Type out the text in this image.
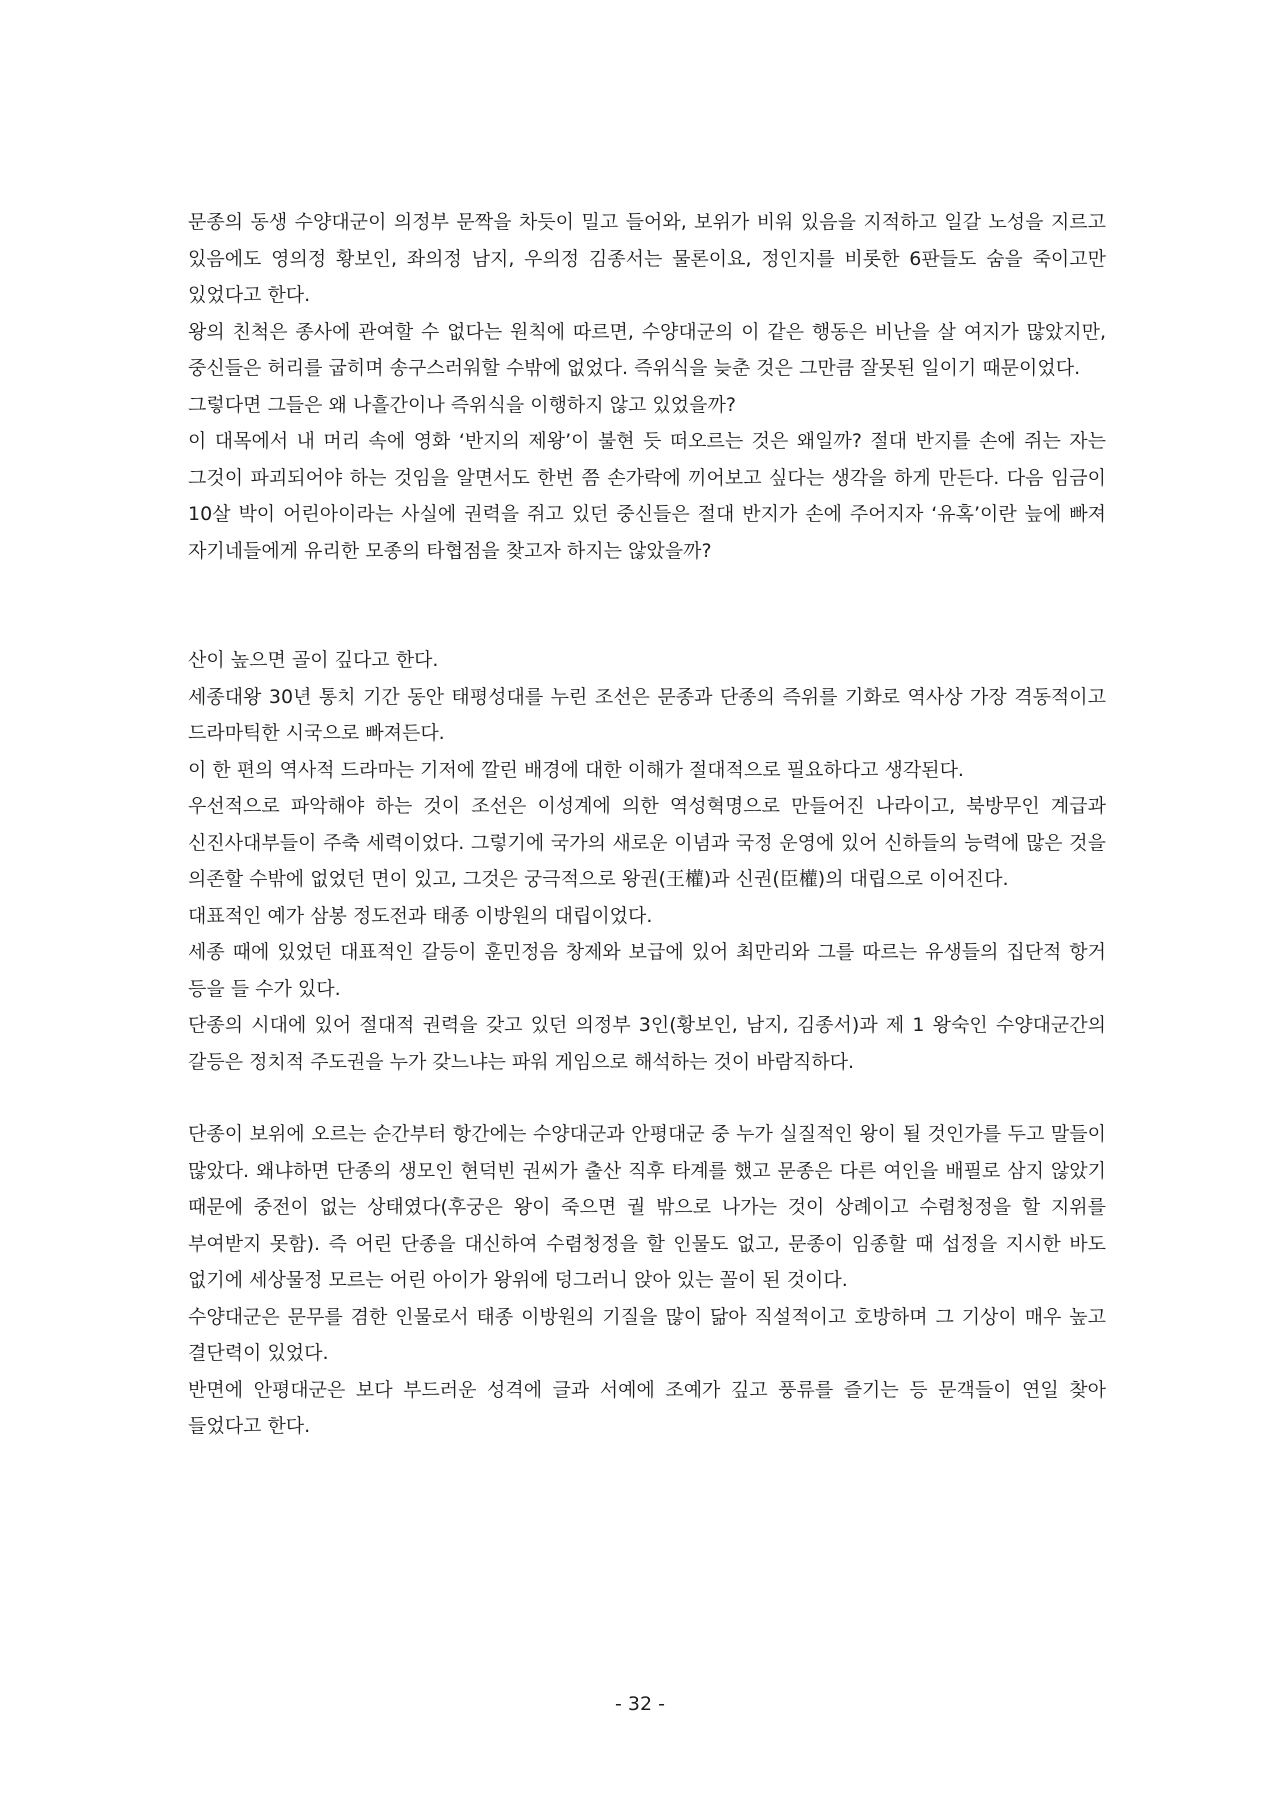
문종의 동생 수양대군이 의정부 문짝을 차듯이 밀고 들어와, 보위가 비워 있음을 지적하고 일갈 노성을 지르고 있음에도 영의정 황보인, 좌의정 남지, 우의정 김종서는 물론이요, 정인지를 비롯한 6판들도 숨을 죽이고만 있었다고 한다.

왕의 친척은 종사에 관여할 수 없다는 원칙에 따르면, 수양대군의 이 같은 행동은 비난을 살 여지가 많았지만, 중신들은 허리를 굽히며 송구스러워할 수밖에 없었다. 즉위식을 늦춘 것은 그만큼 잘못된 일이기 때문이었다.

그렇다면 그들은 왜 나흘간이나 즉위식을 이행하지 않고 있었을까?

이 대목에서 내 머리 속에 영화 ‘반지의 제왕’이 불현 듯 떠오르는 것은 왜일까? 절대 반지를 손에 쥐는 자는 그것이 파괴되어야 하는 것임을 알면서도 한번 쯤 손가락에 끼어보고 싶다는 생각을 하게 만든다. 다음 임금이 10살 박이 어린아이라는 사실에 권력을 쥐고 있던 중신들은 절대 반지가 손에 주어지자 ‘유혹’이란 늪에 빠져 자기네들에게 유리한 모종의 타협점을 찾고자 하지는 않았을까?

산이 높으면 골이 깊다고 한다.

세종대왕 30년 통치 기간 동안 태평성대를 누린 조선은 문종과 단종의 즉위를 기화로 역사상 가장 격동적이고 드라마틱한 시국으로 빠져든다.

이 한 편의 역사적 드라마는 기저에 깔린 배경에 대한 이해가 절대적으로 필요하다고 생각된다.

우선적으로 파악해야 하는 것이 조선은 이성계에 의한 역성혁명으로 만들어진 나라이고, 북방무인 계급과 신진사대부들이 주축 세력이었다. 그렇기에 국가의 새로운 이념과 국정 운영에 있어 신하들의 능력에 많은 것을 의존할 수밖에 없었던 면이 있고, 그것은 궁극적으로 왕권(王權)과 신권(臣權)의 대립으로 이어진다.

대표적인 예가 삼봉 정도전과 태종 이방원의 대립이었다.

세종 때에 있었던 대표적인 갈등이 훈민정음 창제와 보급에 있어 최만리와 그를 따르는 유생들의 집단적 항거 등을 들 수가 있다.

단종의 시대에 있어 절대적 권력을 갖고 있던 의정부 3인(황보인, 남지, 김종서)과 제 1 왕숙인 수양대군간의 갈등은 정치적 주도권을 누가 갖느냐는 파워 게임으로 해석하는 것이 바람직하다.

단종이 보위에 오르는 순간부터 항간에는 수양대군과 안평대군 중 누가 실질적인 왕이 될 것인가를 두고 말들이 많았다. 왜냐하면 단종의 생모인 현덕빈 권씨가 출산 직후 타계를 했고 문종은 다른 여인을 배필로 삼지 않았기 때문에 중전이 없는 상태였다(후궁은 왕이 죽으면 궐 밖으로 나가는 것이 상례이고 수렴청정을 할 지위를 부여받지 못함). 즉 어린 단종을 대신하여 수렴청정을 할 인물도 없고, 문종이 임종할 때 섭정을 지시한 바도 없기에 세상물정 모르는 어린 아이가 왕위에 덩그러니 앉아 있는 꼴이 된 것이다.

수양대군은 문무를 겸한 인물로서 태종 이방원의 기질을 많이 닮아 직설적이고 호방하며 그 기상이 매우 높고 결단력이 있었다.

반면에 안평대군은 보다 부드러운 성격에 글과 서예에 조예가 깊고 풍류를 즐기는 등 문객들이 연일 찾아 들었다고 한다.

- 32 -
